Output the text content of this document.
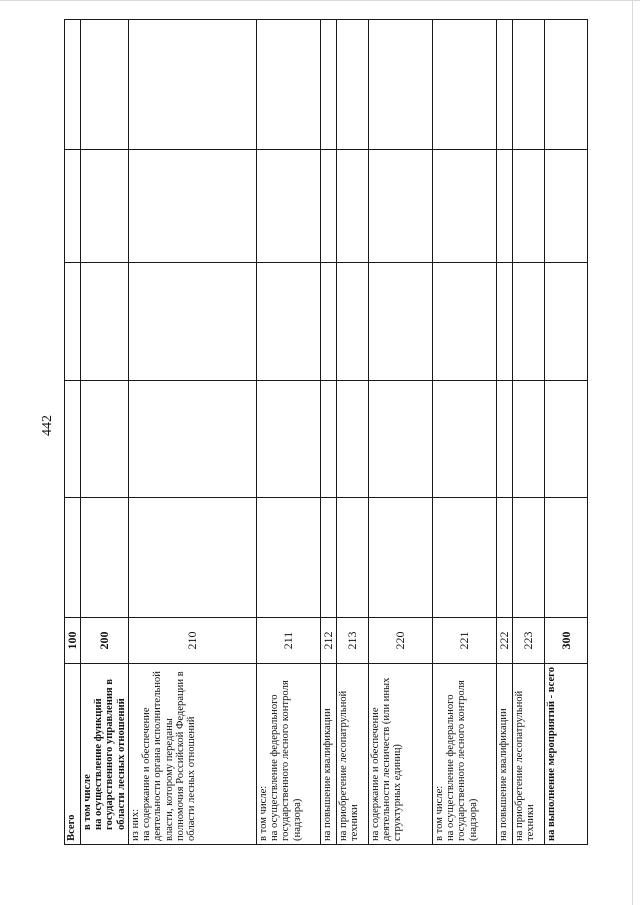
442
Всего	100					
в том числе
на осуществление функций государственного управления в области лесных отношений	200					
из них:
на содержание и обеспечение деятельности органа исполнительной власти, которому переданы полномочия Российской Федерации в области лесных отношений	210					
в том числе:
на осуществление федерального государственного лесного контроля (надзора)	211					
на повышение квалификации	212					
на приобретение лесопатрульной техники	213					
на содержание и обеспечение деятельности лесничеств (или иных структурных единиц)	220					
в том числе:
на осуществление федерального государственного лесного контроля (надзора)	221					
на повышение квалификации	222					
на приобретение лесопатрульной техники	223					
на выполнение мероприятий - всего	300					
